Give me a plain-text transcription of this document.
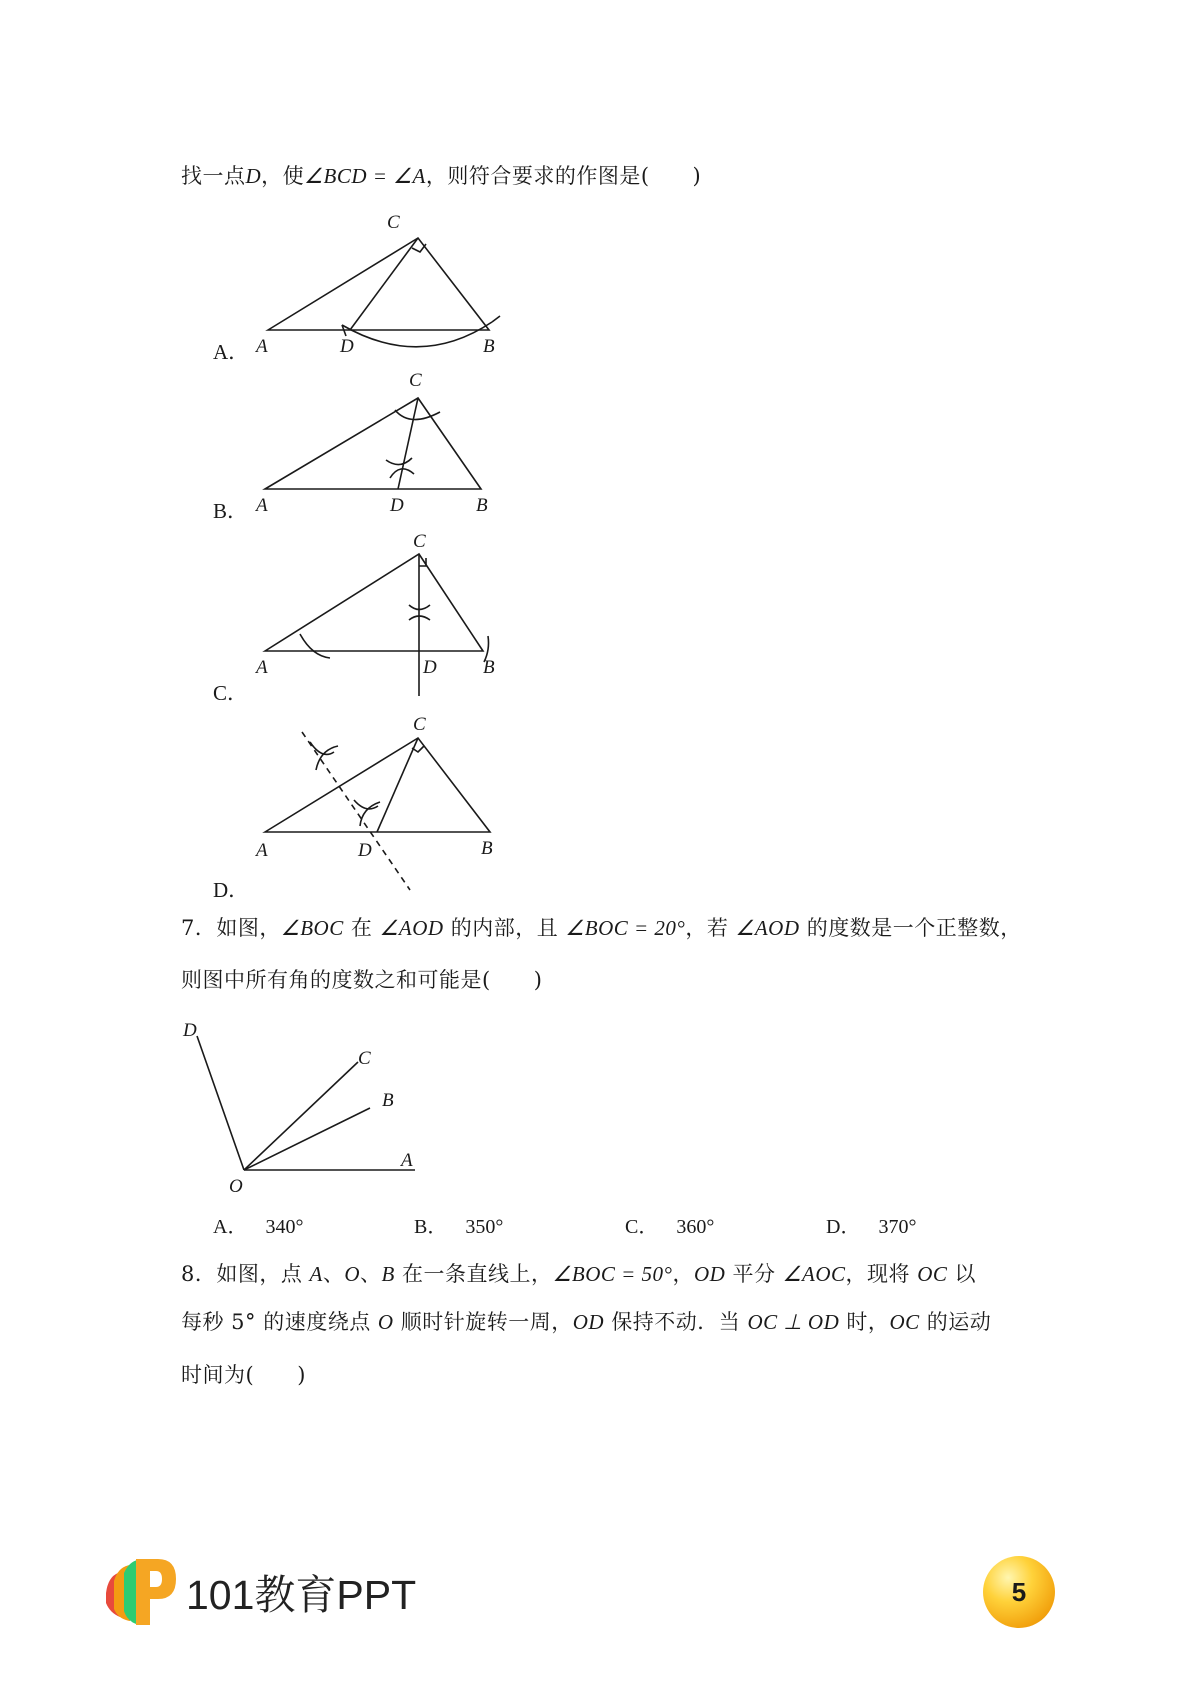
找一点D，使∠BCD = ∠A，则符合要求的作图是(　　)
C
A	D	B
C
A	D	B
C
A	D B
C
A	D	B
A．
B．
C．
D．
7．如图，∠BOC 在 ∠AOD 的内部，且 ∠BOC = 20°，若 ∠AOD 的度数是一个正整数，
则图中所有角的度数之和可能是(　　)
D
C
B
A
O
A． 340°	B． 350°	C． 360°	D． 370°
8．如图，点 A、O、B 在一条直线上，∠BOC = 50°，OD 平分 ∠AOC，现将 OC 以
每秒 5° 的速度绕点 O 顺时针旋转一周，OD 保持不动．当 OC ⊥ OD 时，OC 的运动
时间为(　　)
101教育PPT	5
